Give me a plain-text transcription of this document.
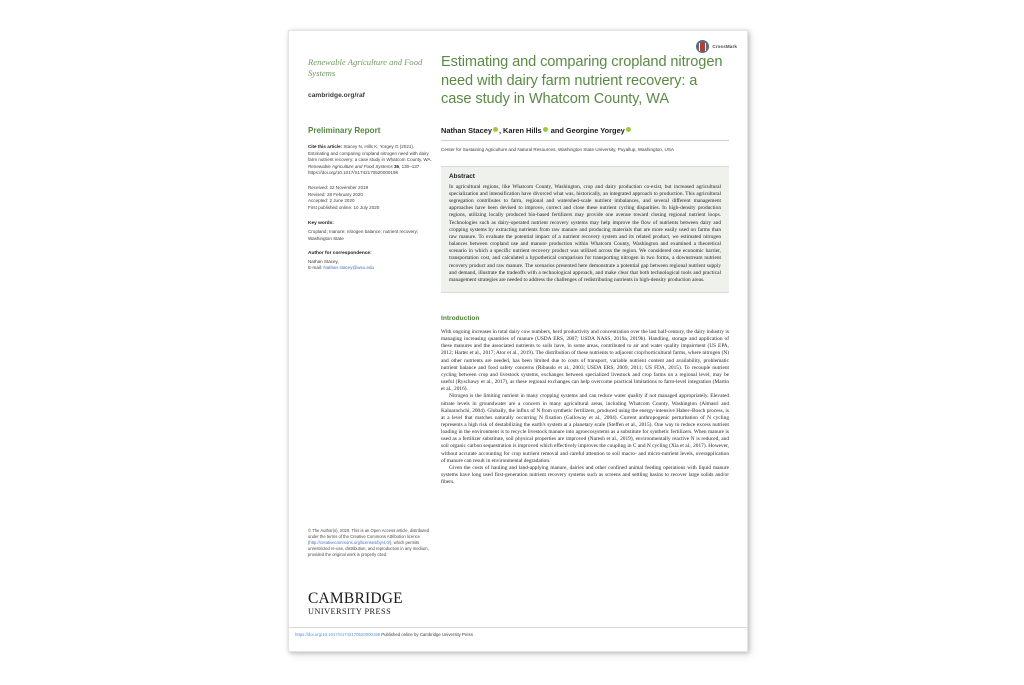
CrossMark
Renewable Agriculture and Food Systems
cambridge.org/raf
Preliminary Report
Cite this article: Stacey N, Hills K, Yorgey G (2021). Estimating and comparing cropland nitrogen need with dairy farm nutrient recovery: a case study in Whatcom County, WA. Renewable Agriculture and Food Systems 36, 130–137. https://doi.org/10.1017/S1742170520000198
Received: 22 November 2019
Revised: 28 February 2020
Accepted: 2 June 2020
First published online: 10 July 2020
Key words:
Cropland; manure; nitrogen balance; nutrient recovery; Washington State
Author for correspondence:
Nathan Stacey,
E-mail: Nathan.stacey@wsu.edu
© The Author(s), 2020. This is an Open Access article, distributed under the terms of the Creative Commons Attribution licence (http://creativecommons.org/licenses/by/4.0/), which permits unrestricted re-use, distribution, and reproduction in any medium, provided the original work is properly cited.
CAMBRIDGE
UNIVERSITY PRESS
Estimating and comparing cropland nitrogen need with dairy farm nutrient recovery: a case study in Whatcom County, WA
Nathan Stacey , Karen Hills and Georgine Yorgey
Center for Sustaining Agriculture and Natural Resources, Washington State University, Puyallup, Washington, USA
Abstract
In agricultural regions, like Whatcom County, Washington, crop and dairy production co-exist, but increased agricultural specialization and intensification have divorced what was, historically, an integrated approach to production. This agricultural segregation contributes to farm, regional and watershed-scale nutrient imbalances, and several different management approaches have been devised to improve, correct and close these nutrient cycling disparities. In high-density production regions, utilizing locally produced bio-based fertilizers may provide one avenue toward closing regional nutrient loops. Technologies such as dairy-operated nutrient recovery systems may help improve the flow of nutrients between dairy and cropping systems by extracting nutrients from raw manure and producing materials that are more easily used on farms than raw manure. To evaluate the potential impact of a nutrient recovery system and its related product, we estimated nitrogen balances between cropland use and manure production within Whatcom County, Washington and examined a theoretical scenario in which a specific nutrient recovery product was utilized across the region. We considered one economic barrier, transportation cost, and calculated a hypothetical comparison for transporting nitrogen in two forms, a downstream nutrient recovery product and raw manure. The scenarios presented here demonstrate a potential gap between regional nutrient supply and demand, illustrate the tradeoffs with a technological approach, and make clear that both technological tools and practical management strategies are needed to address the challenges of redistributing nutrients in high-density production areas.
Introduction

With ongoing increases in total dairy cow numbers, herd productivity and concentration over the last half-century, the dairy industry is managing increasing quantities of manure (USDA ERS, 2007; USDA NASS, 2019a, 2019b). Handling, storage and application of these manures and the associated nutrients to soils have, in some areas, contributed to air and water quality impairment (US EPA, 2012; Harter et al., 2017; Ator et al., 2019). The distribution of these nutrients to adjacent crop/horticultural farms, where nitrogen (N) and other nutrients are needed, has been limited due to costs of transport, variable nutrient content and availability, problematic nutrient balance and food safety concerns (Ribaudo et al., 2003; USDA ERS, 2009, 2011; US FDA, 2015). To recouple nutrient cycling between crop and livestock systems, exchanges between specialized livestock and crop farms on a regional level, may be useful (Ryschawy et al., 2017), as these regional exchanges can help overcome practical limitations to farm-level integration (Martin et al., 2016).

Nitrogen is the limiting nutrient in many cropping systems and can reduce water quality if not managed appropriately. Elevated nitrate levels in groundwater are a concern in many agricultural areas, including Whatcom County, Washington (Almasri and Kaluarachchi, 2004). Globally, the influx of N from synthetic fertilizers, produced using the energy-intensive Haber–Bosch process, is at a level that matches naturally occurring N fixation (Galloway et al., 2004). Current anthropogenic perturbation of N cycling represents a high risk of destabilizing the earth's system at a planetary scale (Steffen et al., 2015). One way to reduce excess nutrient loading in the environment is to recycle livestock manure into agroecosystems as a substitute for synthetic fertilizers. When manure is used as a fertilizer substitute, soil physical properties are improved (Naresh et al., 2019), environmentally reactive N is reduced, and soil organic carbon sequestration is improved which effectively improves the coupling in C and N cycling (Xia et al., 2017). However, without accurate accounting for crop nutrient removal and careful attention to soil macro- and micro-nutrient levels, overapplication of manure can result in environmental degradation.

Given the costs of hauling and land-applying manure, dairies and other confined animal feeding operations with liquid manure systems have long used first-generation nutrient recovery systems such as screens and settling basins to recover large solids and/or fibers.

https://doi.org/10.1017/S1742170520000198 Published online by Cambridge University Press
